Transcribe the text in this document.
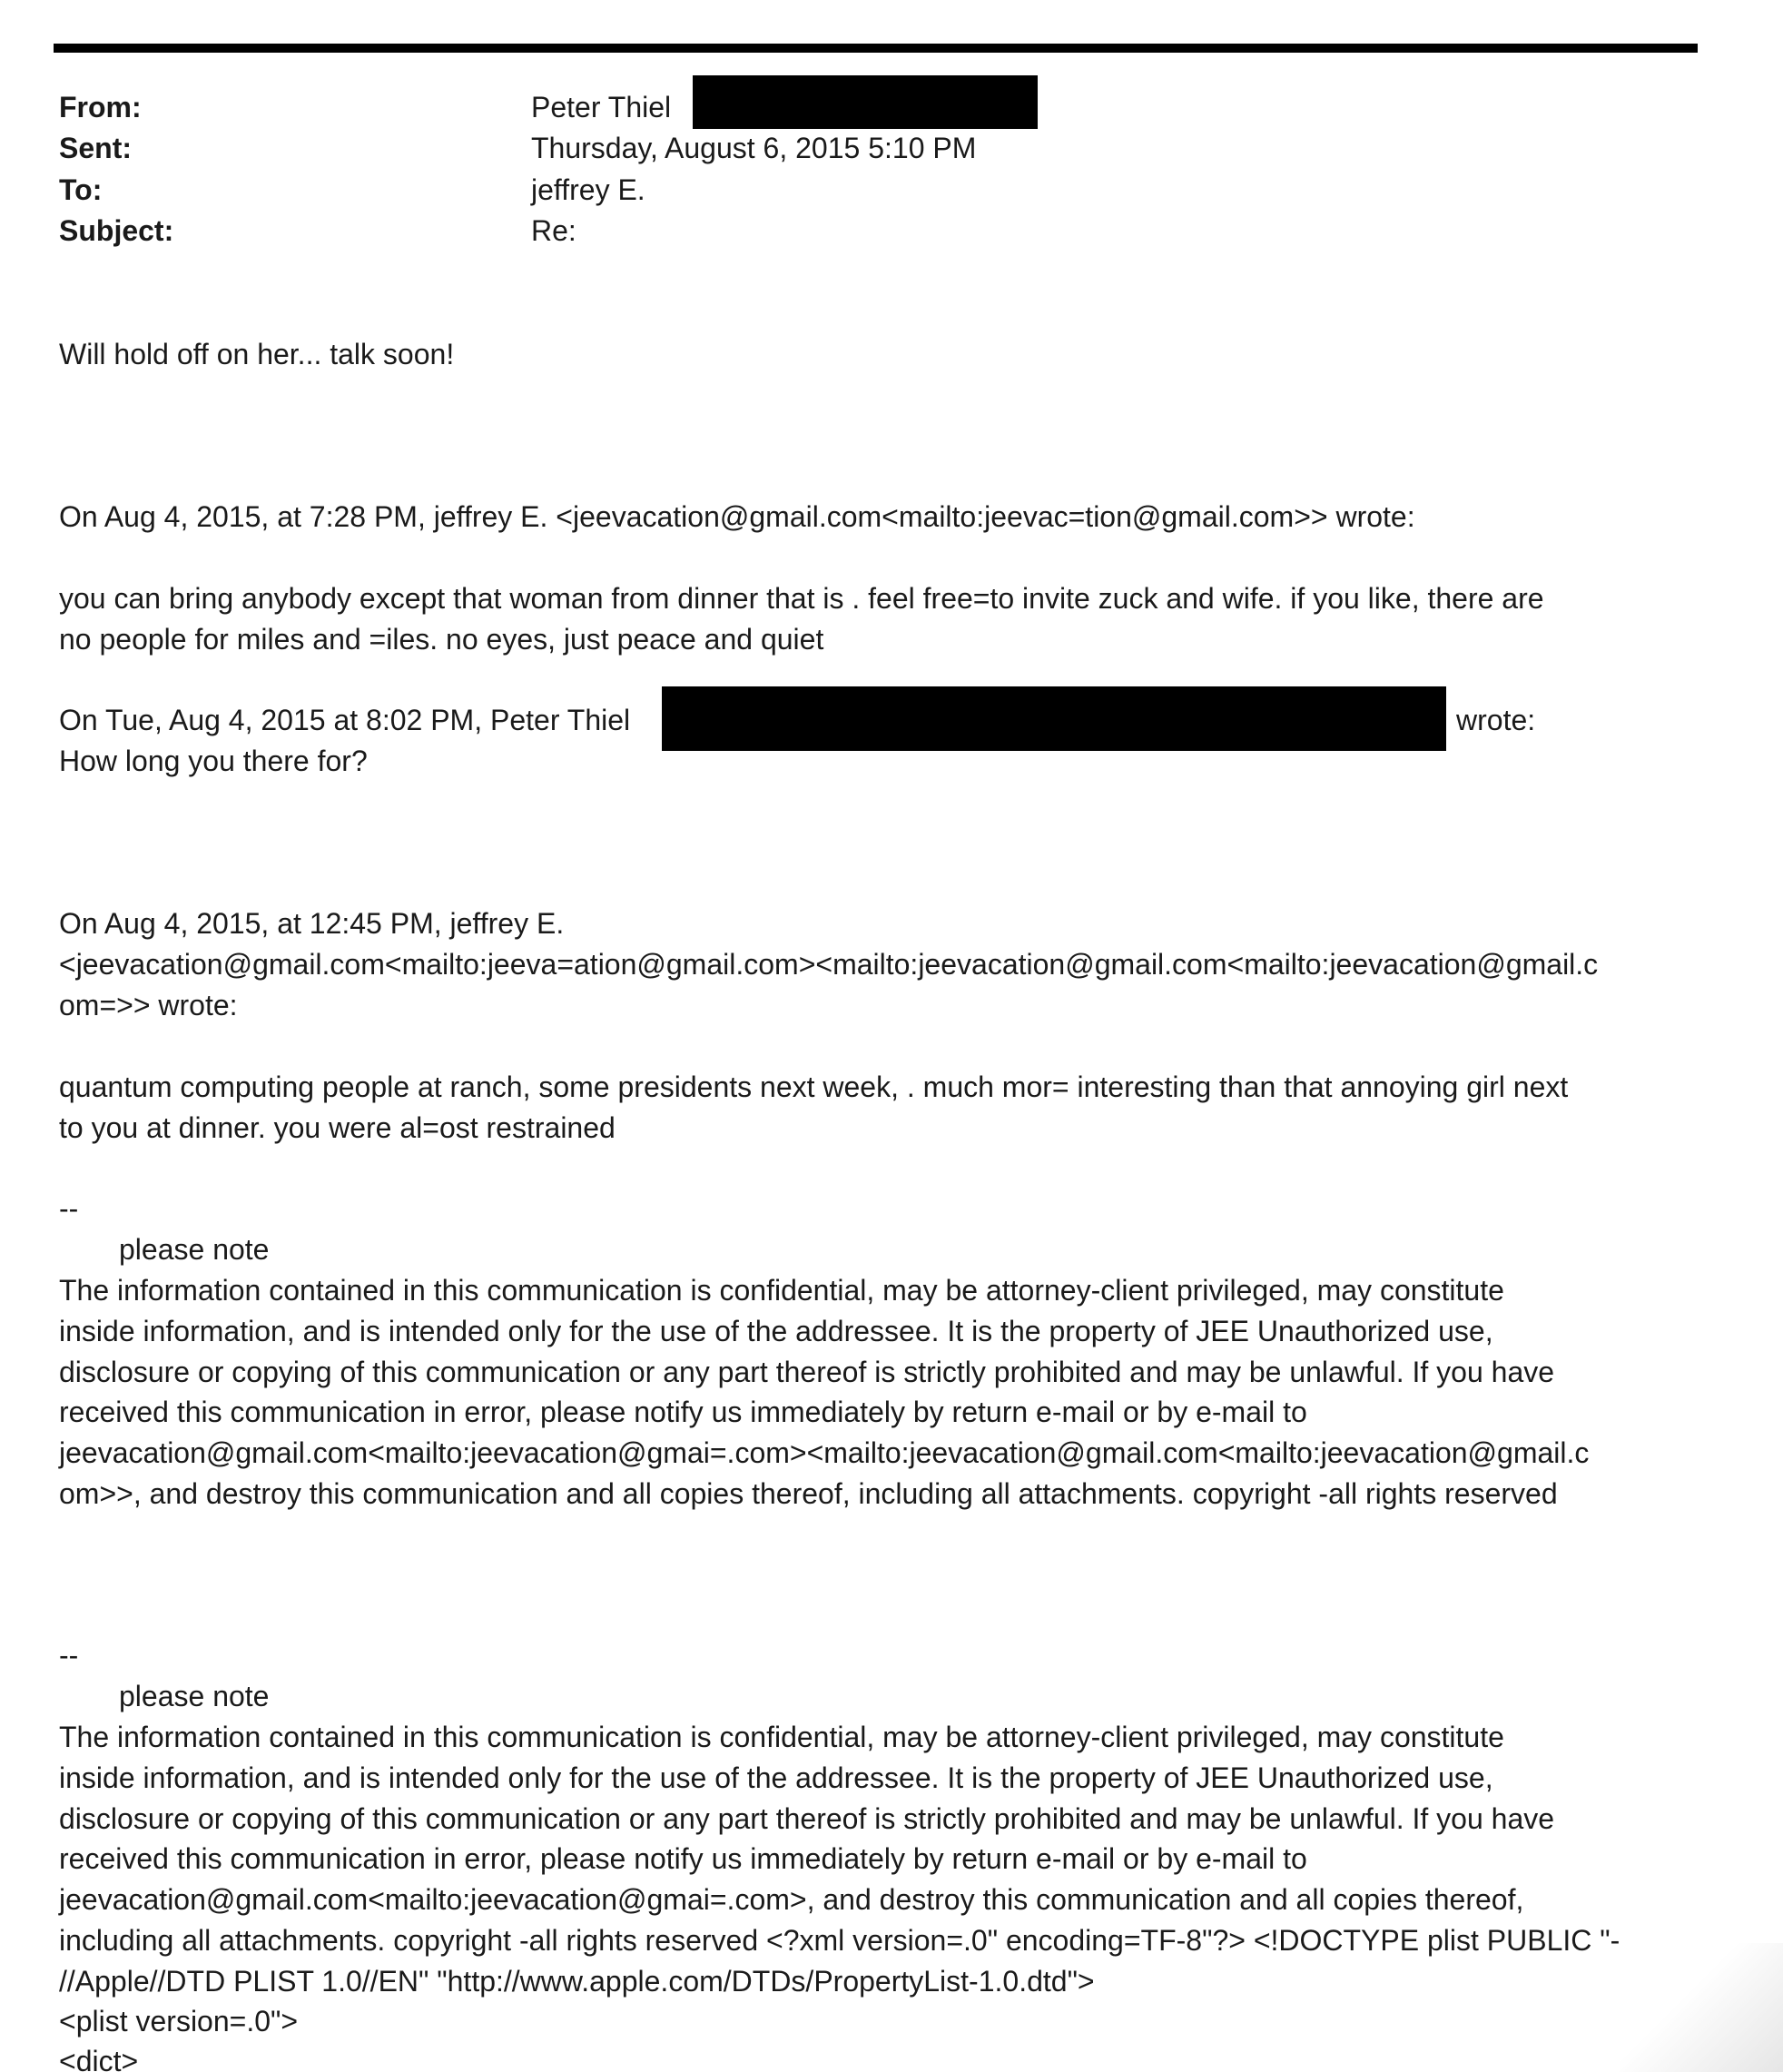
From:	Peter Thiel
Sent:	Thursday, August 6, 2015 5:10 PM
To:	jeffrey E.
Subject:	Re:
Will hold off on her... talk soon!
On Aug 4, 2015, at 7:28 PM, jeffrey E. <jeevacation@gmail.com<mailto:jeevac=tion@gmail.com>> wrote:
you can bring anybody except that woman from dinner that is . feel free=to invite zuck and wife. if you like, there are
no people for miles and =iles. no eyes, just peace and quiet
On Tue, Aug 4, 2015 at 8:02 PM, Peter Thiel	wrote:
How long you there for?
On Aug 4, 2015, at 12:45 PM, jeffrey E.
<jeevacation@gmail.com<mailto:jeeva=ation@gmail.com><mailto:jeevacation@gmail.com<mailto:jeevacation@gmail.c
om=>> wrote:
quantum computing people at ranch, some presidents next week, . much mor= interesting than that annoying girl next
to you at dinner. you were al=ost restrained
--
please note
The information contained in this communication is confidential, may be attorney-client privileged, may constitute
inside information, and is intended only for the use of the addressee. It is the property of JEE Unauthorized use,
disclosure or copying of this communication or any part thereof is strictly prohibited and may be unlawful. If you have
received this communication in error, please notify us immediately by return e-mail or by e-mail to
jeevacation@gmail.com<mailto:jeevacation@gmai=.com><mailto:jeevacation@gmail.com<mailto:jeevacation@gmail.c
om>>, and destroy this communication and all copies thereof, including all attachments. copyright -all rights reserved
--
please note
The information contained in this communication is confidential, may be attorney-client privileged, may constitute
inside information, and is intended only for the use of the addressee. It is the property of JEE Unauthorized use,
disclosure or copying of this communication or any part thereof is strictly prohibited and may be unlawful. If you have
received this communication in error, please notify us immediately by return e-mail or by e-mail to
jeevacation@gmail.com<mailto:jeevacation@gmai=.com>, and destroy this communication and all copies thereof,
including all attachments. copyright -all rights reserved <?xml version=.0" encoding=TF-8"?> <!DOCTYPE plist PUBLIC "-
//Apple//DTD PLIST 1.0//EN" "http://www.apple.com/DTDs/PropertyList-1.0.dtd">
<plist version=.0">
<dict>
